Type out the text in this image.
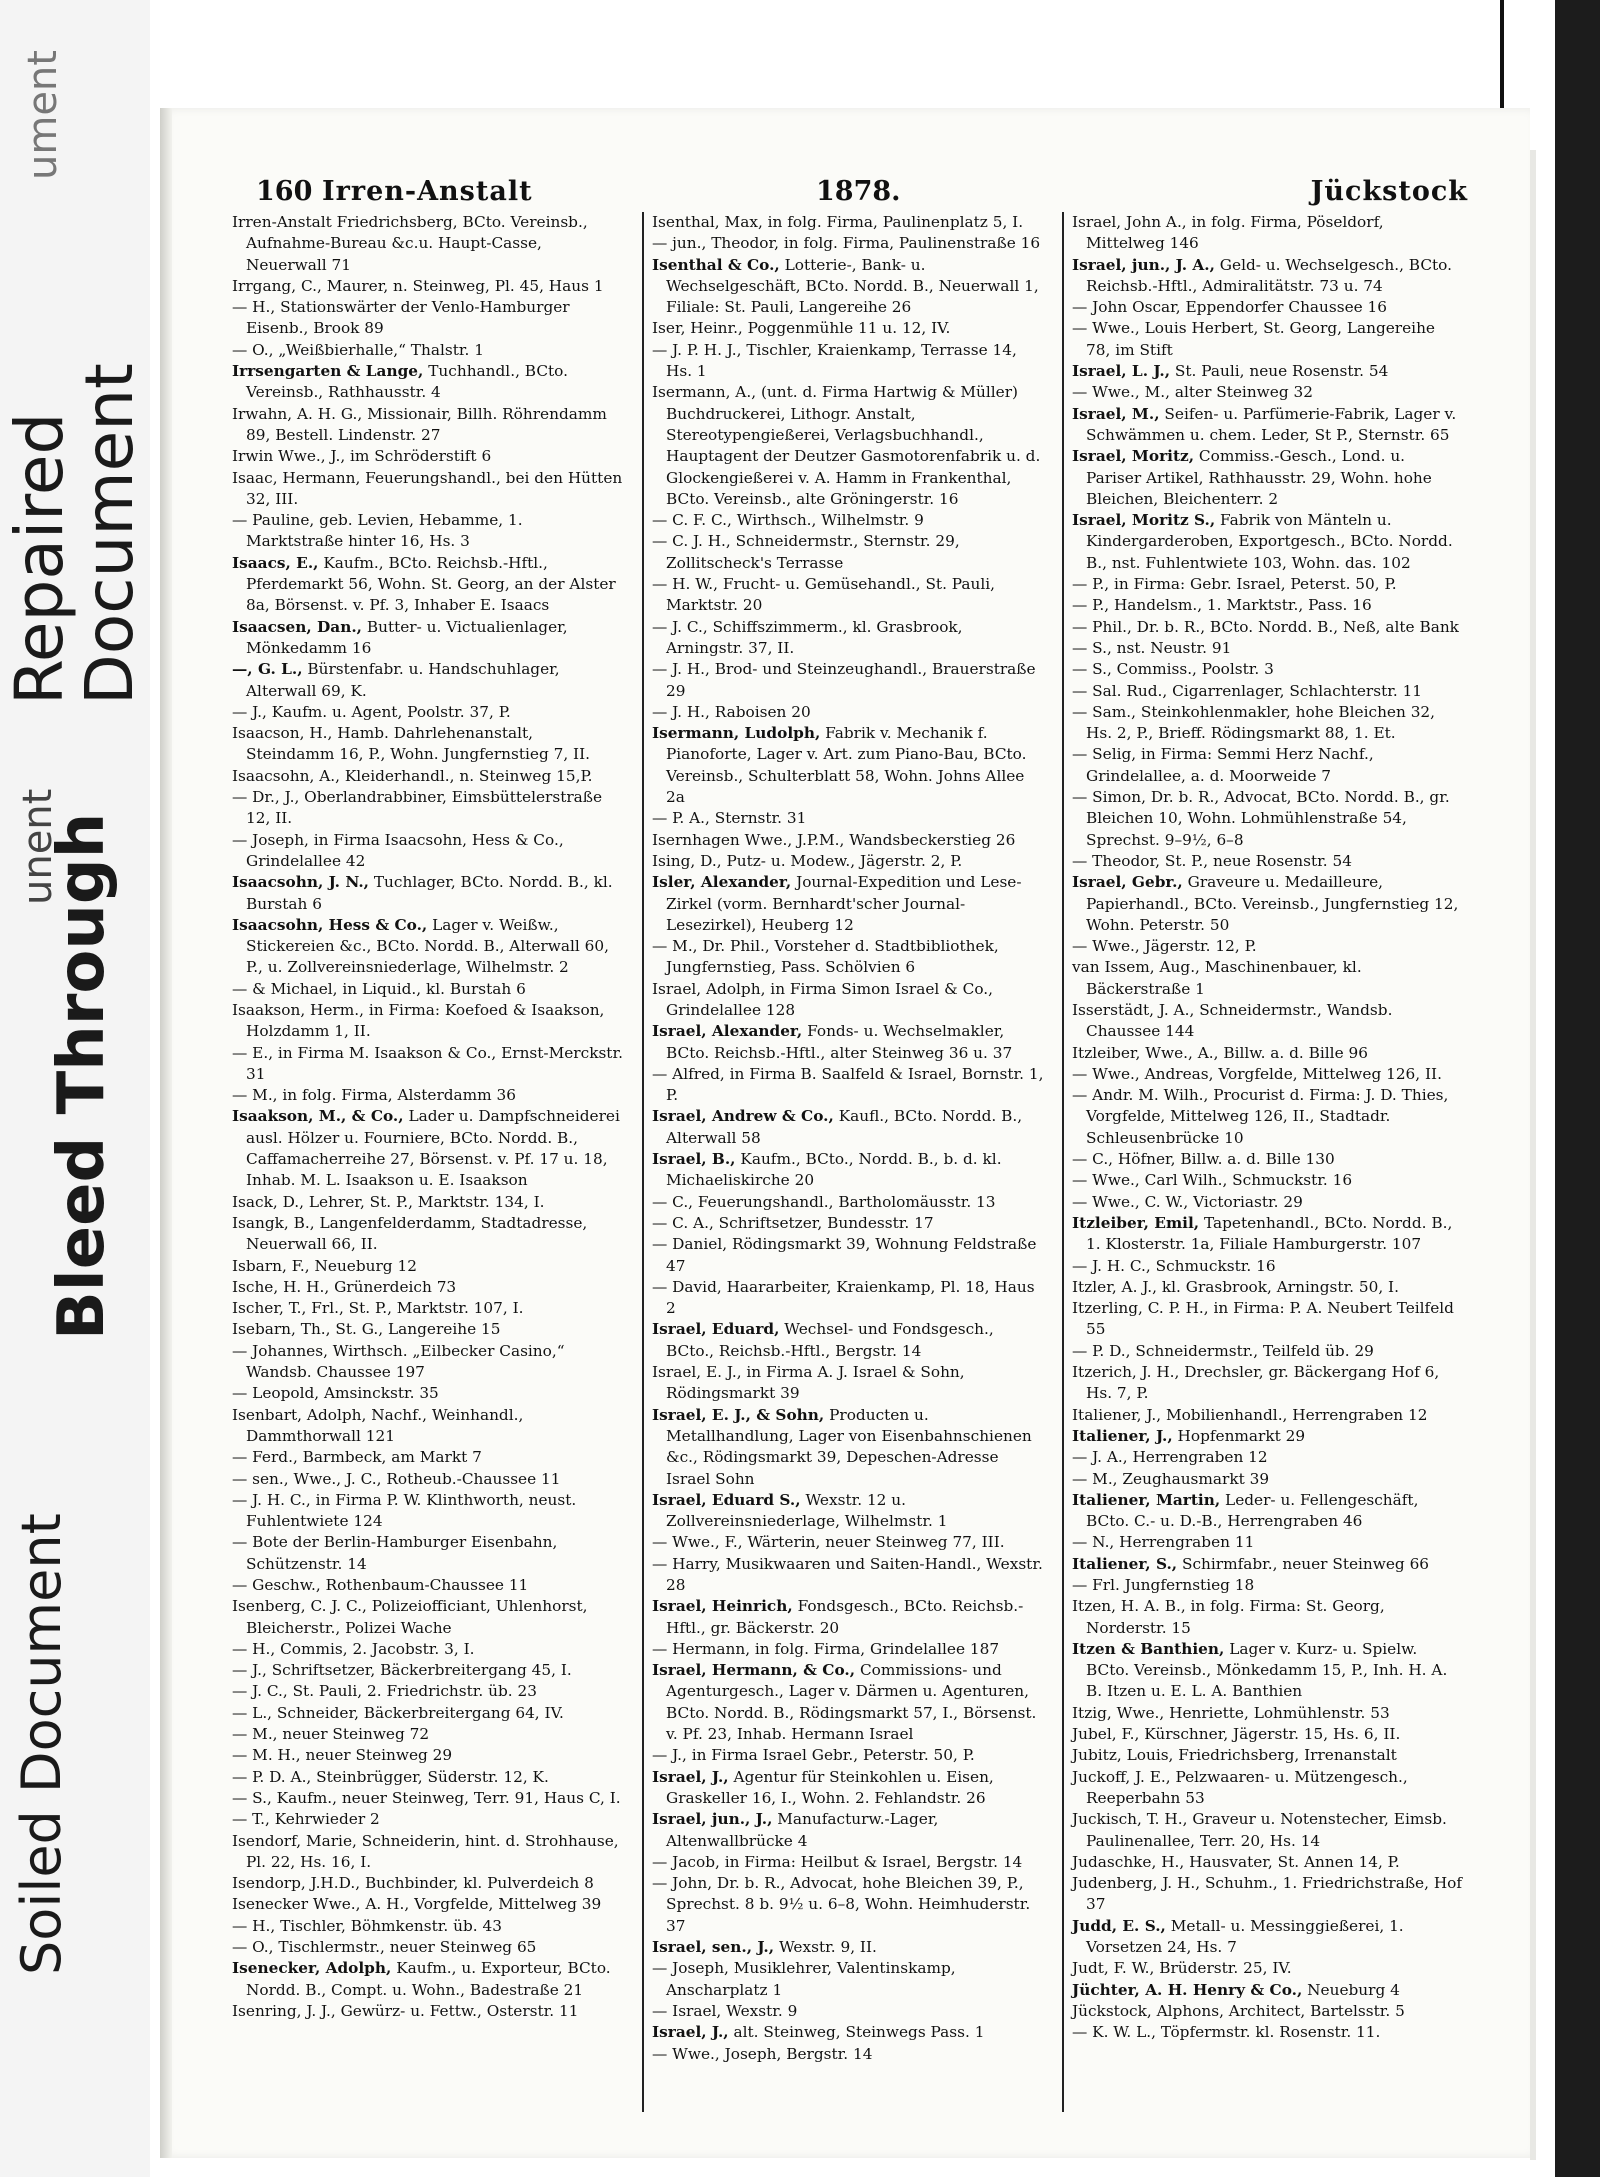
ument
Repaired
Document
unent
Bleed Through
Soiled Document
160 Irren-Anstalt	1878.	Jückstock

Irren-Anstalt Friedrichsberg, BCto. Vereinsb., Aufnahme-Bureau &c.u. Haupt-Casse, Neuerwall 71

Irrgang, C., Maurer, n. Steinweg, Pl. 45, Haus 1

— H., Stationswärter der Venlo-Hamburger Eisenb., Brook 89

— O., „Weißbierhalle,“ Thalstr. 1

Irrsengarten & Lange, Tuchhandl., BCto. Vereinsb., Rathhausstr. 4

Irwahn, A. H. G., Missionair, Billh. Röhrendamm 89, Bestell. Lindenstr. 27

Irwin Wwe., J., im Schröderstift 6

Isaac, Hermann, Feuerungshandl., bei den Hütten 32, III.

— Pauline, geb. Levien, Hebamme, 1. Marktstraße hinter 16, Hs. 3

Isaacs, E., Kaufm., BCto. Reichsb.-Hftl., Pferdemarkt 56, Wohn. St. Georg, an der Alster 8a, Börsenst. v. Pf. 3, Inhaber E. Isaacs

Isaacsen, Dan., Butter- u. Victualienlager, Mönkedamm 16

—, G. L., Bürstenfabr. u. Handschuhlager, Alterwall 69, K.

— J., Kaufm. u. Agent, Poolstr. 37, P.

Isaacson, H., Hamb. Dahrlehenanstalt, Steindamm 16, P., Wohn. Jungfernstieg 7, II.

Isaacsohn, A., Kleiderhandl., n. Steinweg 15,P.

— Dr., J., Oberlandrabbiner, Eimsbüttelerstraße 12, II.

— Joseph, in Firma Isaacsohn, Hess & Co., Grindelallee 42

Isaacsohn, J. N., Tuchlager, BCto. Nordd. B., kl. Burstah 6

Isaacsohn, Hess & Co., Lager v. Weißw., Stickereien &c., BCto. Nordd. B., Alterwall 60, P., u. Zollvereinsniederlage, Wilhelmstr. 2

— & Michael, in Liquid., kl. Burstah 6

Isaakson, Herm., in Firma: Koefoed & Isaakson, Holzdamm 1, II.

— E., in Firma M. Isaakson & Co., Ernst-Merckstr. 31

— M., in folg. Firma, Alsterdamm 36

Isaakson, M., & Co., Lader u. Dampfschneiderei ausl. Hölzer u. Fourniere, BCto. Nordd. B., Caffamacherreihe 27, Börsenst. v. Pf. 17 u. 18, Inhab. M. L. Isaakson u. E. Isaakson

Isack, D., Lehrer, St. P., Marktstr. 134, I.

Isangk, B., Langenfelderdamm, Stadtadresse, Neuerwall 66, II.

Isbarn, F., Neueburg 12

Ische, H. H., Grünerdeich 73

Ischer, T., Frl., St. P., Marktstr. 107, I.

Isebarn, Th., St. G., Langereihe 15

— Johannes, Wirthsch. „Eilbecker Casino,“ Wandsb. Chaussee 197

— Leopold, Amsinckstr. 35

Isenbart, Adolph, Nachf., Weinhandl., Dammthorwall 121

— Ferd., Barmbeck, am Markt 7

— sen., Wwe., J. C., Rotheub.-Chaussee 11

— J. H. C., in Firma P. W. Klinthworth, neust. Fuhlentwiete 124

— Bote der Berlin-Hamburger Eisenbahn, Schützenstr. 14

— Geschw., Rothenbaum-Chaussee 11

Isenberg, C. J. C., Polizeiofficiant, Uhlenhorst, Bleicherstr., Polizei Wache

— H., Commis, 2. Jacobstr. 3, I.

— J., Schriftsetzer, Bäckerbreitergang 45, I.

— J. C., St. Pauli, 2. Friedrichstr. üb. 23

— L., Schneider, Bäckerbreitergang 64, IV.

— M., neuer Steinweg 72

— M. H., neuer Steinweg 29

— P. D. A., Steinbrügger, Süderstr. 12, K.

— S., Kaufm., neuer Steinweg, Terr. 91, Haus C, I.

— T., Kehrwieder 2

Isendorf, Marie, Schneiderin, hint. d. Strohhause, Pl. 22, Hs. 16, I.

Isendorp, J.H.D., Buchbinder, kl. Pulverdeich 8

Isenecker Wwe., A. H., Vorgfelde, Mittelweg 39

— H., Tischler, Böhmkenstr. üb. 43

— O., Tischlermstr., neuer Steinweg 65

Isenecker, Adolph, Kaufm., u. Exporteur, BCto. Nordd. B., Compt. u. Wohn., Badestraße 21

Isenring, J. J., Gewürz- u. Fettw., Osterstr. 11

Isenthal, Max, in folg. Firma, Paulinenplatz 5, I.

— jun., Theodor, in folg. Firma, Paulinenstraße 16

Isenthal & Co., Lotterie-, Bank- u. Wechselgeschäft, BCto. Nordd. B., Neuerwall 1, Filiale: St. Pauli, Langereihe 26

Iser, Heinr., Poggenmühle 11 u. 12, IV.

— J. P. H. J., Tischler, Kraienkamp, Terrasse 14, Hs. 1

Isermann, A., (unt. d. Firma Hartwig & Müller) Buchdruckerei, Lithogr. Anstalt, Stereotypengießerei, Verlagsbuchhandl., Hauptagent der Deutzer Gasmotorenfabrik u. d. Glockengießerei v. A. Hamm in Frankenthal, BCto. Vereinsb., alte Gröningerstr. 16

— C. F. C., Wirthsch., Wilhelmstr. 9

— C. J. H., Schneidermstr., Sternstr. 29, Zollitscheck's Terrasse

— H. W., Frucht- u. Gemüsehandl., St. Pauli, Marktstr. 20

— J. C., Schiffszimmerm., kl. Grasbrook, Arningstr. 37, II.

— J. H., Brod- und Steinzeughandl., Brauerstraße 29

— J. H., Raboisen 20

Isermann, Ludolph, Fabrik v. Mechanik f. Pianoforte, Lager v. Art. zum Piano-Bau, BCto. Vereinsb., Schulterblatt 58, Wohn. Johns Allee 2a

— P. A., Sternstr. 31

Isernhagen Wwe., J.P.M., Wandsbeckerstieg 26

Ising, D., Putz- u. Modew., Jägerstr. 2, P.

Isler, Alexander, Journal-Expedition und Lese-Zirkel (vorm. Bernhardt'scher Journal-Lesezirkel), Heuberg 12

— M., Dr. Phil., Vorsteher d. Stadtbibliothek, Jungfernstieg, Pass. Schölvien 6

Israel, Adolph, in Firma Simon Israel & Co., Grindelallee 128

Israel, Alexander, Fonds- u. Wechselmakler, BCto. Reichsb.-Hftl., alter Steinweg 36 u. 37

— Alfred, in Firma B. Saalfeld & Israel, Bornstr. 1, P.

Israel, Andrew & Co., Kaufl., BCto. Nordd. B., Alterwall 58

Israel, B., Kaufm., BCto., Nordd. B., b. d. kl. Michaeliskirche 20

— C., Feuerungshandl., Bartholomäusstr. 13

— C. A., Schriftsetzer, Bundesstr. 17

— Daniel, Rödingsmarkt 39, Wohnung Feldstraße 47

— David, Haararbeiter, Kraienkamp, Pl. 18, Haus 2

Israel, Eduard, Wechsel- und Fondsgesch., BCto., Reichsb.-Hftl., Bergstr. 14

Israel, E. J., in Firma A. J. Israel & Sohn, Rödingsmarkt 39

Israel, E. J., & Sohn, Producten u. Metallhandlung, Lager von Eisenbahnschienen &c., Rödingsmarkt 39, Depeschen-Adresse Israel Sohn

Israel, Eduard S., Wexstr. 12 u. Zollvereinsniederlage, Wilhelmstr. 1

— Wwe., F., Wärterin, neuer Steinweg 77, III.

— Harry, Musikwaaren und Saiten-Handl., Wexstr. 28

Israel, Heinrich, Fondsgesch., BCto. Reichsb.-Hftl., gr. Bäckerstr. 20

— Hermann, in folg. Firma, Grindelallee 187

Israel, Hermann, & Co., Commissions- und Agenturgesch., Lager v. Därmen u. Agenturen, BCto. Nordd. B., Rödingsmarkt 57, I., Börsenst. v. Pf. 23, Inhab. Hermann Israel

— J., in Firma Israel Gebr., Peterstr. 50, P.

Israel, J., Agentur für Steinkohlen u. Eisen, Graskeller 16, I., Wohn. 2. Fehlandstr. 26

Israel, jun., J., Manufacturw.-Lager, Altenwallbrücke 4

— Jacob, in Firma: Heilbut & Israel, Bergstr. 14

— John, Dr. b. R., Advocat, hohe Bleichen 39, P., Sprechst. 8 b. 9½ u. 6–8, Wohn. Heimhuderstr. 37

Israel, sen., J., Wexstr. 9, II.

— Joseph, Musiklehrer, Valentinskamp, Anscharplatz 1

— Israel, Wexstr. 9

Israel, J., alt. Steinweg, Steinwegs Pass. 1

— Wwe., Joseph, Bergstr. 14

Israel, John A., in folg. Firma, Pöseldorf, Mittelweg 146

Israel, jun., J. A., Geld- u. Wechselgesch., BCto. Reichsb.-Hftl., Admiralitätstr. 73 u. 74

— John Oscar, Eppendorfer Chaussee 16

— Wwe., Louis Herbert, St. Georg, Langereihe 78, im Stift

Israel, L. J., St. Pauli, neue Rosenstr. 54

— Wwe., M., alter Steinweg 32

Israel, M., Seifen- u. Parfümerie-Fabrik, Lager v. Schwämmen u. chem. Leder, St P., Sternstr. 65

Israel, Moritz, Commiss.-Gesch., Lond. u. Pariser Artikel, Rathhausstr. 29, Wohn. hohe Bleichen, Bleichenterr. 2

Israel, Moritz S., Fabrik von Mänteln u. Kindergarderoben, Exportgesch., BCto. Nordd. B., nst. Fuhlentwiete 103, Wohn. das. 102

— P., in Firma: Gebr. Israel, Peterst. 50, P.

— P., Handelsm., 1. Marktstr., Pass. 16

— Phil., Dr. b. R., BCto. Nordd. B., Neß, alte Bank

— S., nst. Neustr. 91

— S., Commiss., Poolstr. 3

— Sal. Rud., Cigarrenlager, Schlachterstr. 11

— Sam., Steinkohlenmakler, hohe Bleichen 32, Hs. 2, P., Brieff. Rödingsmarkt 88, 1. Et.

— Selig, in Firma: Semmi Herz Nachf., Grindelallee, a. d. Moorweide 7

— Simon, Dr. b. R., Advocat, BCto. Nordd. B., gr. Bleichen 10, Wohn. Lohmühlenstraße 54, Sprechst. 9–9½, 6–8

— Theodor, St. P., neue Rosenstr. 54

Israel, Gebr., Graveure u. Medailleure, Papierhandl., BCto. Vereinsb., Jungfernstieg 12, Wohn. Peterstr. 50

— Wwe., Jägerstr. 12, P.

van Issem, Aug., Maschinenbauer, kl. Bäckerstraße 1

Isserstädt, J. A., Schneidermstr., Wandsb. Chaussee 144

Itzleiber, Wwe., A., Billw. a. d. Bille 96

— Wwe., Andreas, Vorgfelde, Mittelweg 126, II.

— Andr. M. Wilh., Procurist d. Firma: J. D. Thies, Vorgfelde, Mittelweg 126, II., Stadtadr. Schleusenbrücke 10

— C., Höfner, Billw. a. d. Bille 130

— Wwe., Carl Wilh., Schmuckstr. 16

— Wwe., C. W., Victoriastr. 29

Itzleiber, Emil, Tapetenhandl., BCto. Nordd. B., 1. Klosterstr. 1a, Filiale Hamburgerstr. 107

— J. H. C., Schmuckstr. 16

Itzler, A. J., kl. Grasbrook, Arningstr. 50, I.

Itzerling, C. P. H., in Firma: P. A. Neubert Teilfeld 55

— P. D., Schneidermstr., Teilfeld üb. 29

Itzerich, J. H., Drechsler, gr. Bäckergang Hof 6, Hs. 7, P.

Italiener, J., Mobilienhandl., Herrengraben 12

Italiener, J., Hopfenmarkt 29

— J. A., Herrengraben 12

— M., Zeughausmarkt 39

Italiener, Martin, Leder- u. Fellengeschäft, BCto. C.- u. D.-B., Herrengraben 46

— N., Herrengraben 11

Italiener, S., Schirmfabr., neuer Steinweg 66

— Frl. Jungfernstieg 18

Itzen, H. A. B., in folg. Firma: St. Georg, Norderstr. 15

Itzen & Banthien, Lager v. Kurz- u. Spielw. BCto. Vereinsb., Mönkedamm 15, P., Inh. H. A. B. Itzen u. E. L. A. Banthien

Itzig, Wwe., Henriette, Lohmühlenstr. 53

Jubel, F., Kürschner, Jägerstr. 15, Hs. 6, II.

Jubitz, Louis, Friedrichsberg, Irrenanstalt

Juckoff, J. E., Pelzwaaren- u. Mützengesch., Reeperbahn 53

Juckisch, T. H., Graveur u. Notenstecher, Eimsb. Paulinenallee, Terr. 20, Hs. 14

Judaschke, H., Hausvater, St. Annen 14, P.

Judenberg, J. H., Schuhm., 1. Friedrichstraße, Hof 37

Judd, E. S., Metall- u. Messinggießerei, 1. Vorsetzen 24, Hs. 7

Judt, F. W., Brüderstr. 25, IV.

Jüchter, A. H. Henry & Co., Neueburg 4

Jückstock, Alphons, Architect, Bartelsstr. 5

— K. W. L., Töpfermstr. kl. Rosenstr. 11.
